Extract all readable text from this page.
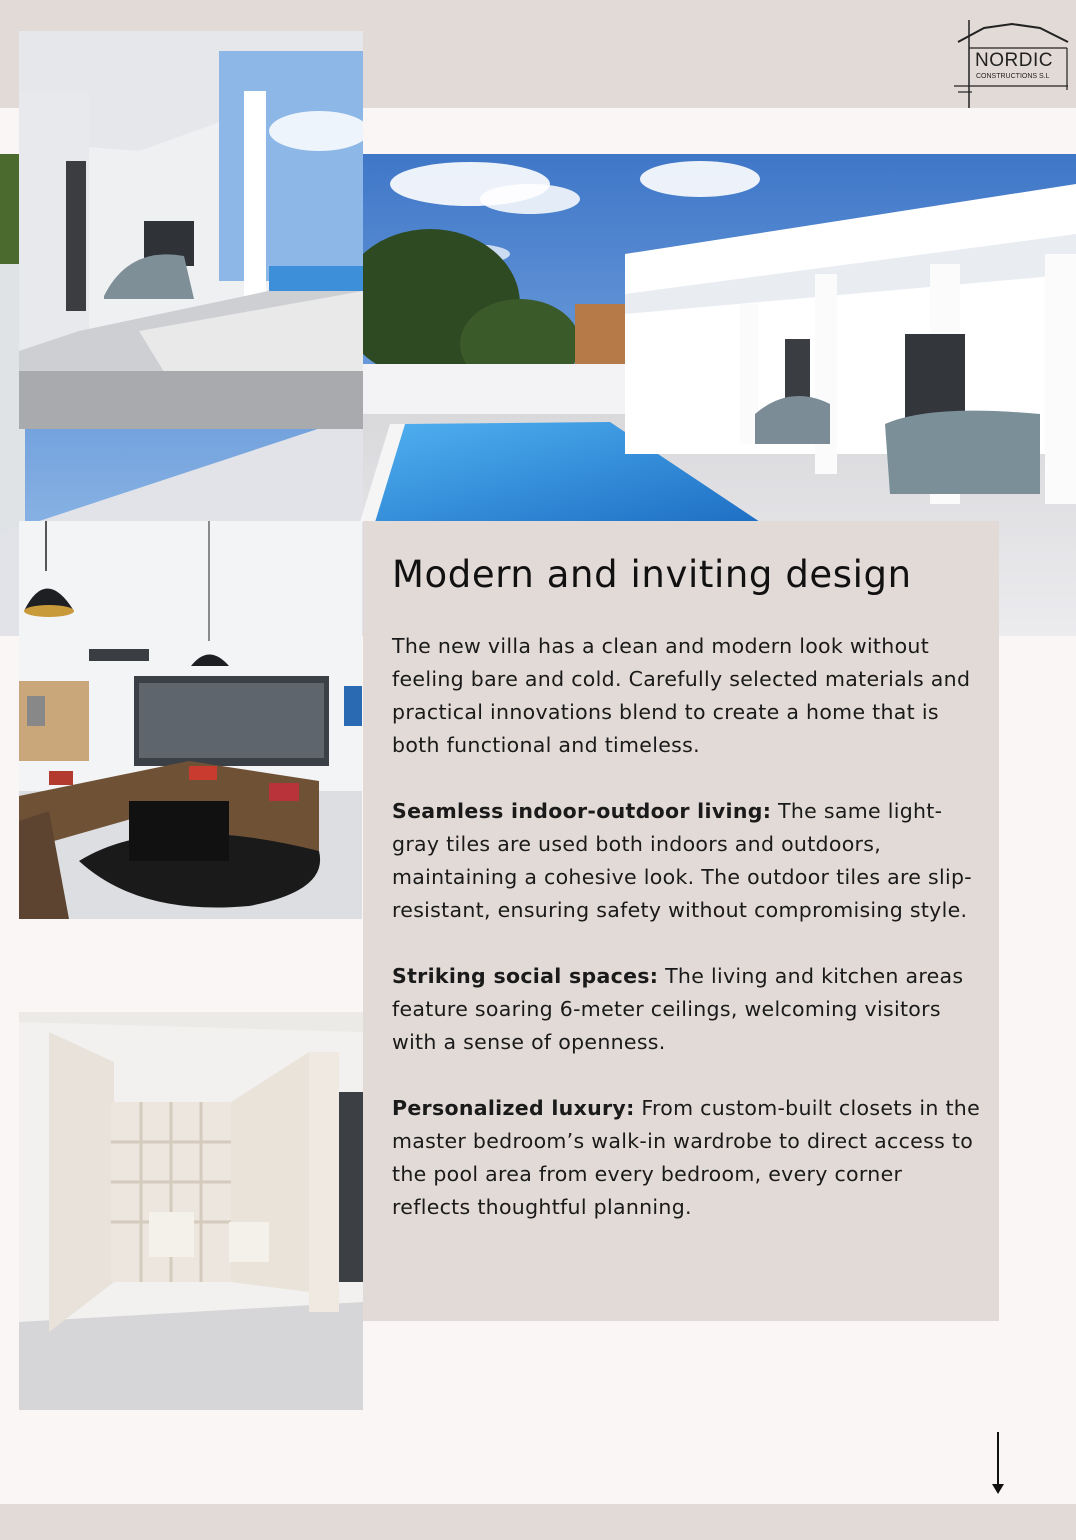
NORDIC
CONSTRUCTIONS S.L
Modern and inviting design

The new villa has a clean and modern look without feeling bare and cold. Carefully selected materials and practical innovations blend to create a home that is both functional and timeless.

Seamless indoor-outdoor living: The same light-gray tiles are used both indoors and outdoors, maintaining a cohesive look. The outdoor tiles are slip-resistant, ensuring safety without compromising style.

Striking social spaces: The living and kitchen areas feature soaring 6-meter ceilings, welcoming visitors with a sense of openness.

Personalized luxury: From custom-built closets in the master bedroom’s walk-in wardrobe to direct access to the pool area from every bedroom, every corner reflects thoughtful planning.
